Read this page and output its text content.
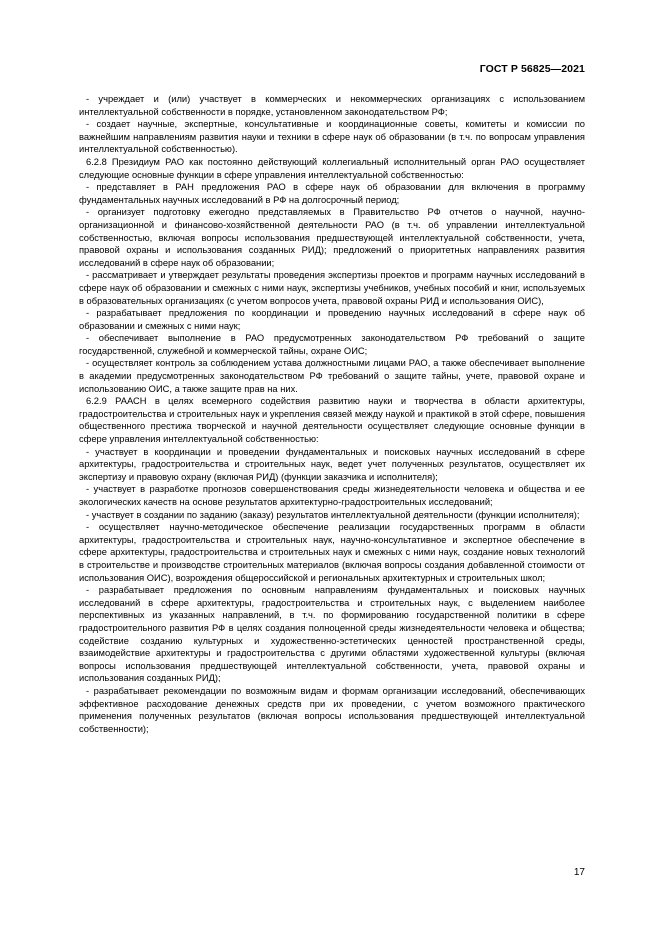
ГОСТ Р 56825—2021

- учреждает и (или) участвует в коммерческих и некоммерческих организациях с использованием интеллектуальной собственности в порядке, установленном законодательством РФ;

- создает научные, экспертные, консультативные и координационные советы, комитеты и комиссии по важнейшим направлениям развития науки и техники в сфере наук об образовании (в т.ч. по вопросам управления интеллектуальной собственностью).

6.2.8 Президиум РАО как постоянно действующий коллегиальный исполнительный орган РАО осуществляет следующие основные функции в сфере управления интеллектуальной собственностью:

- представляет в РАН предложения РАО в сфере наук об образовании для включения в программу фундаментальных научных исследований в РФ на долгосрочный период;

- организует подготовку ежегодно представляемых в Правительство РФ отчетов о научной, научно-организационной и финансово-хозяйственной деятельности РАО (в т.ч. об управлении интеллектуальной собственностью, включая вопросы использования предшествующей интеллектуальной собственности, учета, правовой охраны и использования созданных РИД); предложений о приоритетных направлениях развития исследований в сфере наук об образовании;

- рассматривает и утверждает результаты проведения экспертизы проектов и программ научных исследований в сфере наук об образовании и смежных с ними наук, экспертизы учебников, учебных пособий и книг, используемых в образовательных организациях (с учетом вопросов учета, правовой охраны РИД и использования ОИС),

- разрабатывает предложения по координации и проведению научных исследований в сфере наук об образовании и смежных с ними наук;

- обеспечивает выполнение в РАО предусмотренных законодательством РФ требований о защите государственной, служебной и коммерческой тайны, охране ОИС;

- осуществляет контроль за соблюдением устава должностными лицами РАО, а также обеспечивает выполнение в академии предусмотренных законодательством РФ требований о защите тайны, учете, правовой охране и использованию ОИС, а также защите прав на них.

6.2.9 РААСН в целях всемерного содействия развитию науки и творчества в области архитектуры, градостроительства и строительных наук и укрепления связей между наукой и практикой в этой сфере, повышения общественного престижа творческой и научной деятельности осуществляет следующие основные функции в сфере управления интеллектуальной собственностью:

- участвует в координации и проведении фундаментальных и поисковых научных исследований в сфере архитектуры, градостроительства и строительных наук, ведет учет полученных результатов, осуществляет их экспертизу и правовую охрану (включая РИД) (функции заказчика и исполнителя);

- участвует в разработке прогнозов совершенствования среды жизнедеятельности человека и общества и ее экологических качеств на основе результатов архитектурно-градостроительных исследований;

- участвует в создании по заданию (заказу) результатов интеллектуальной деятельности (функции исполнителя);

- осуществляет научно-методическое обеспечение реализации государственных программ в области архитектуры, градостроительства и строительных наук, научно-консультативное и экспертное обеспечение в сфере архитектуры, градостроительства и строительных наук и смежных с ними наук, создание новых технологий в строительстве и производстве строительных материалов (включая вопросы создания добавленной стоимости от использования ОИС), возрождения общероссийской и региональных архитектурных и строительных школ;

- разрабатывает предложения по основным направлениям фундаментальных и поисковых научных исследований в сфере архитектуры, градостроительства и строительных наук, с выделением наиболее перспективных из указанных направлений, в т.ч. по формированию государственной политики в сфере градостроительного развития РФ в целях создания полноценной среды жизнедеятельности человека и общества; содействие созданию культурных и художественно-эстетических ценностей пространственной среды, взаимодействие архитектуры и градостроительства с другими областями художественной культуры (включая вопросы использования предшествующей интеллектуальной собственности, учета, правовой охраны и использования созданных РИД);

- разрабатывает рекомендации по возможным видам и формам организации исследований, обеспечивающих эффективное расходование денежных средств при их проведении, с учетом возможного практического применения полученных результатов (включая вопросы использования предшествующей интеллектуальной собственности);

17
